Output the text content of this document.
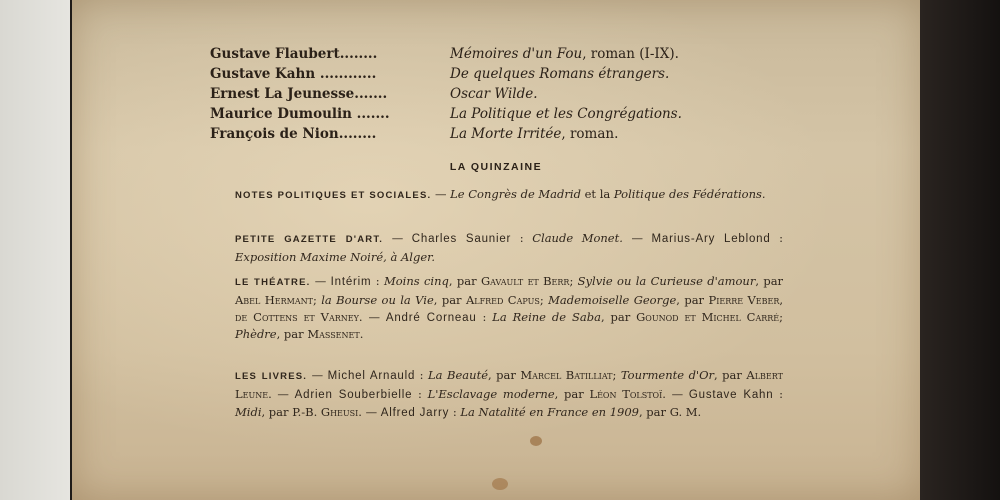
Gustave Flaubert........	Mémoires d'un Fou, roman (I-IX).
Gustave Kahn ............	De quelques Romans étrangers.
Ernest La Jeunesse.......	Oscar Wilde.
Maurice Dumoulin .......	La Politique et les Congrégations.
François de Nion........	La Morte Irritée, roman.
LA QUINZAINE
NOTES POLITIQUES ET SOCIALES. — Le Congrès de Madrid et la Politique des Fédérations.
PETITE GAZETTE D'ART. — Charles Saunier : Claude Monet. — Marius-Ary Leblond : Exposition Maxime Noiré, à Alger.
LE THÉATRE. — Intérim : Moins cinq, par Gavault et Berr; Sylvie ou la Curieuse d'amour, par Abel Hermant; la Bourse ou la Vie, par Alfred Capus; Mademoiselle George, par Pierre Veber, de Cottens et Varney. — André Corneau : La Reine de Saba, par Gounod et Michel Carré; Phèdre, par Massenet.
LES LIVRES. — Michel Arnauld : La Beauté, par Marcel Batilliat; Tourmente d'Or, par Albert Leune. — Adrien Souberbielle : L'Esclavage moderne, par Léon Tolstoï. — Gustave Kahn : Midi, par P.-B. Gheusi. — Alfred Jarry : La Natalité en France en 1909, par G. M.
